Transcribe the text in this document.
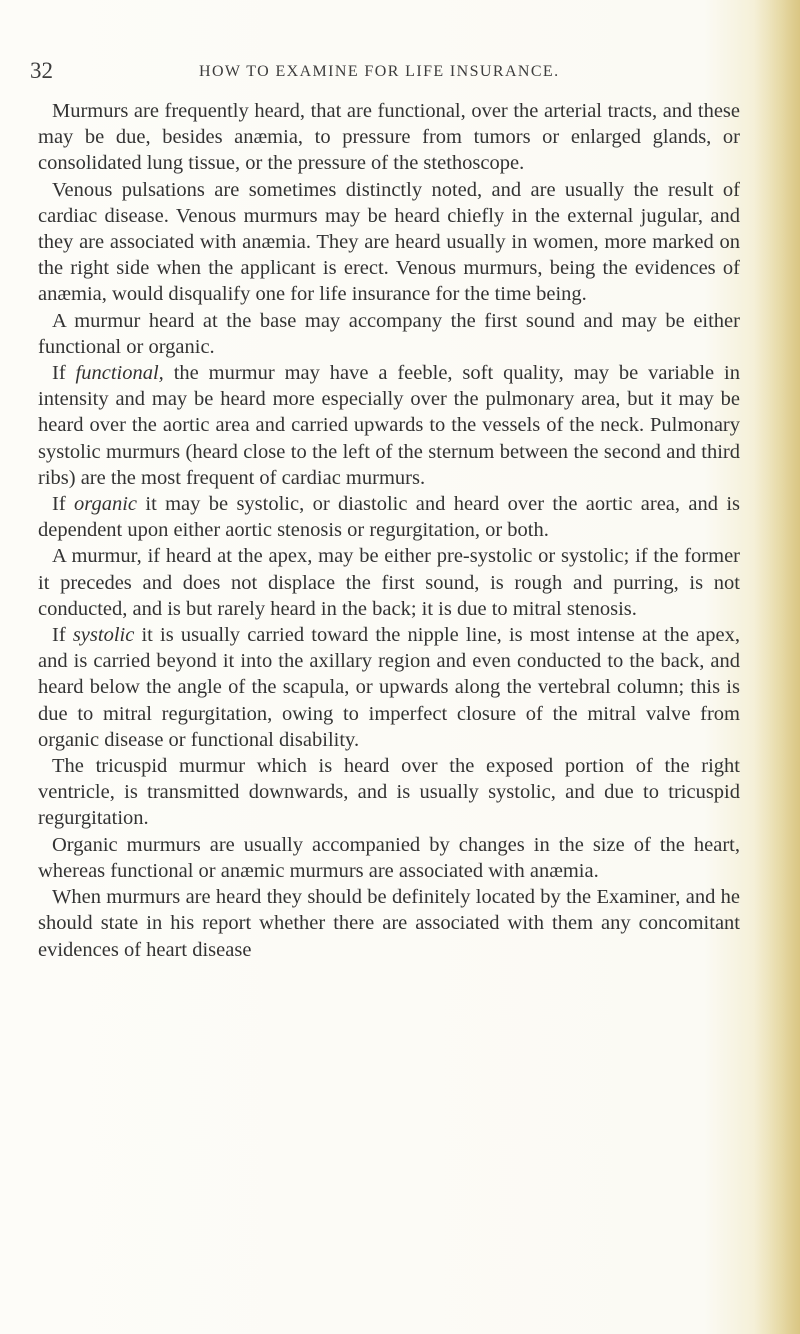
32	HOW TO EXAMINE FOR LIFE INSURANCE.

Murmurs are frequently heard, that are functional, over the arterial tracts, and these may be due, besides anæmia, to pressure from tumors or enlarged glands, or consolidated lung tissue, or the pressure of the stethoscope.

Venous pulsations are sometimes distinctly noted, and are usually the result of cardiac disease. Venous murmurs may be heard chiefly in the external jugular, and they are associated with anæmia. They are heard usually in women, more marked on the right side when the applicant is erect. Venous murmurs, being the evidences of anæmia, would disqualify one for life insurance for the time being.

A murmur heard at the base may accompany the first sound and may be either functional or organic.

If functional, the murmur may have a feeble, soft quality, may be variable in intensity and may be heard more especially over the pulmonary area, but it may be heard over the aortic area and carried upwards to the vessels of the neck. Pulmonary systolic murmurs (heard close to the left of the sternum between the second and third ribs) are the most frequent of cardiac murmurs.

If organic it may be systolic, or diastolic and heard over the aortic area, and is dependent upon either aortic stenosis or regurgitation, or both.

A murmur, if heard at the apex, may be either pre-systolic or systolic; if the former it precedes and does not displace the first sound, is rough and purring, is not conducted, and is but rarely heard in the back; it is due to mitral stenosis.

If systolic it is usually carried toward the nipple line, is most intense at the apex, and is carried beyond it into the axillary region and even conducted to the back, and heard below the angle of the scapula, or upwards along the vertebral column; this is due to mitral regurgitation, owing to imperfect closure of the mitral valve from organic disease or functional disability.

The tricuspid murmur which is heard over the exposed portion of the right ventricle, is transmitted downwards, and is usually systolic, and due to tricuspid regurgitation.

Organic murmurs are usually accompanied by changes in the size of the heart, whereas functional or anæmic murmurs are associated with anæmia.

When murmurs are heard they should be definitely located by the Examiner, and he should state in his report whether there are associated with them any concomitant evidences of heart disease
